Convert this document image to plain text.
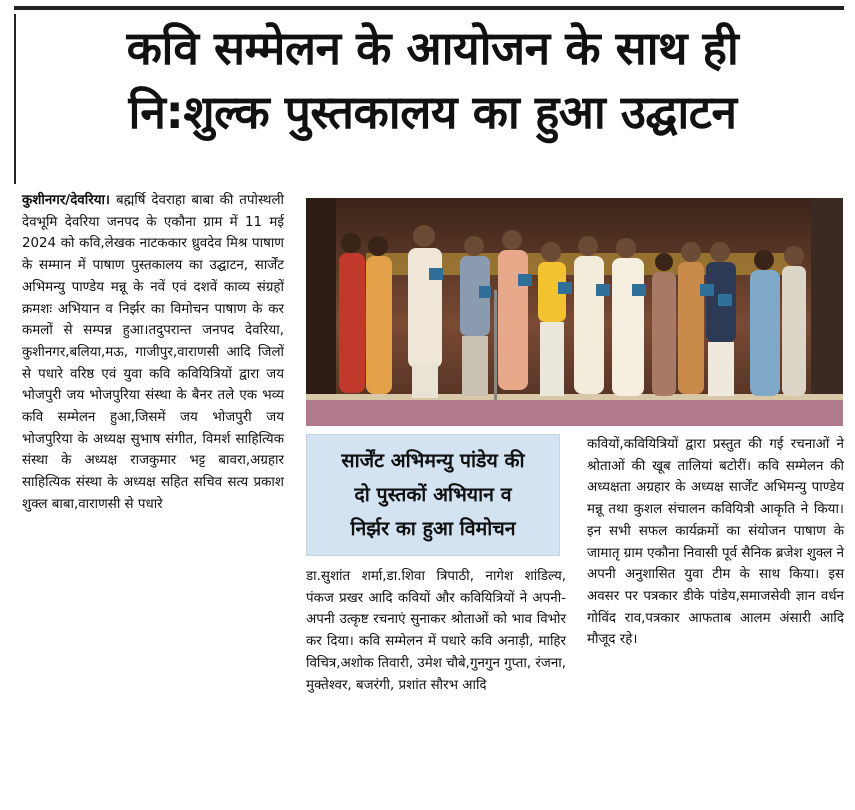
कवि सम्मेलन के आयोजन के साथ ही
नि:शुल्क पुस्तकालय का हुआ उद्घाटन

कुशीनगर/देवरिया। बह्मर्षि देवराहा बाबा की तपोस्थली देवभूमि देवरिया जनपद के एकौना ग्राम में 11 मई 2024 को कवि,लेखक नाटककार ध्रुवदेव मिश्र पाषाण के सम्मान में पाषाण पुस्तकालय का उद्घाटन, सार्जेंट अभिमन्यु पाण्डेय मन्नू के नवें एवं दशवें काव्य संग्रहों क्रमशः अभियान व निर्झर का विमोचन पाषाण के कर कमलों से सम्पन्न हुआ।तदुपरान्त जनपद देवरिया, कुशीनगर,बलिया,मऊ, गाजीपुर,वाराणसी आदि जिलों से पधारे वरिष्ठ एवं युवा कवि कवियित्रियों द्वारा जय भोजपुरी जय भोजपुरिया संस्था के बैनर तले एक भव्य कवि सम्मेलन हुआ,जिसमें जय भोजपुरी जय भोजपुरिया के अध्यक्ष सुभाष संगीत, विमर्श साहित्यिक संस्था के अध्यक्ष राजकुमार भट्ट बावरा,अग्रहार साहित्यिक संस्था के अध्यक्ष सहित सचिव सत्य प्रकाश शुक्ल बाबा,वाराणसी से पधारे

सार्जेंट अभिमन्यु पांडेय की
दो पुस्तकों अभियान व
निर्झर का हुआ विमोचन

डा.सुशांत शर्मा,डा.शिवा त्रिपाठी, नागेश शांडिल्य, पंकज प्रखर आदि कवियों और कवियित्रियों ने अपनी-अपनी उत्कृष्ट रचनाएं सुनाकर श्रोताओं को भाव विभोर कर दिया। कवि सम्मेलन में पधारे कवि अनाड़ी, माहिर विचित्र,अशोक तिवारी, उमेश चौबे,गुनगुन गुप्ता, रंजना, मुक्तेश्वर, बजरंगी, प्रशांत सौरभ आदि

कवियों,कवियित्रियों द्वारा प्रस्तुत की गई रचनाओं ने श्रोताओं की खूब तालियां बटोरीं। कवि सम्मेलन की अध्यक्षता अग्रहार के अध्यक्ष सार्जेंट अभिमन्यु पाण्डेय मन्नू तथा कुशल संचालन कवियित्री आकृति ने किया। इन सभी सफल कार्यक्रमों का संयोजन पाषाण के जामातृ ग्राम एकौना निवासी पूर्व सैनिक ब्रजेश शुक्ल ने अपनी अनुशासित युवा टीम के साथ किया। इस अवसर पर पत्रकार डीके पांडेय,समाजसेवी ज्ञान वर्धन गोविंद राव,पत्रकार आफताब आलम अंसारी आदि मौजूद रहे।
